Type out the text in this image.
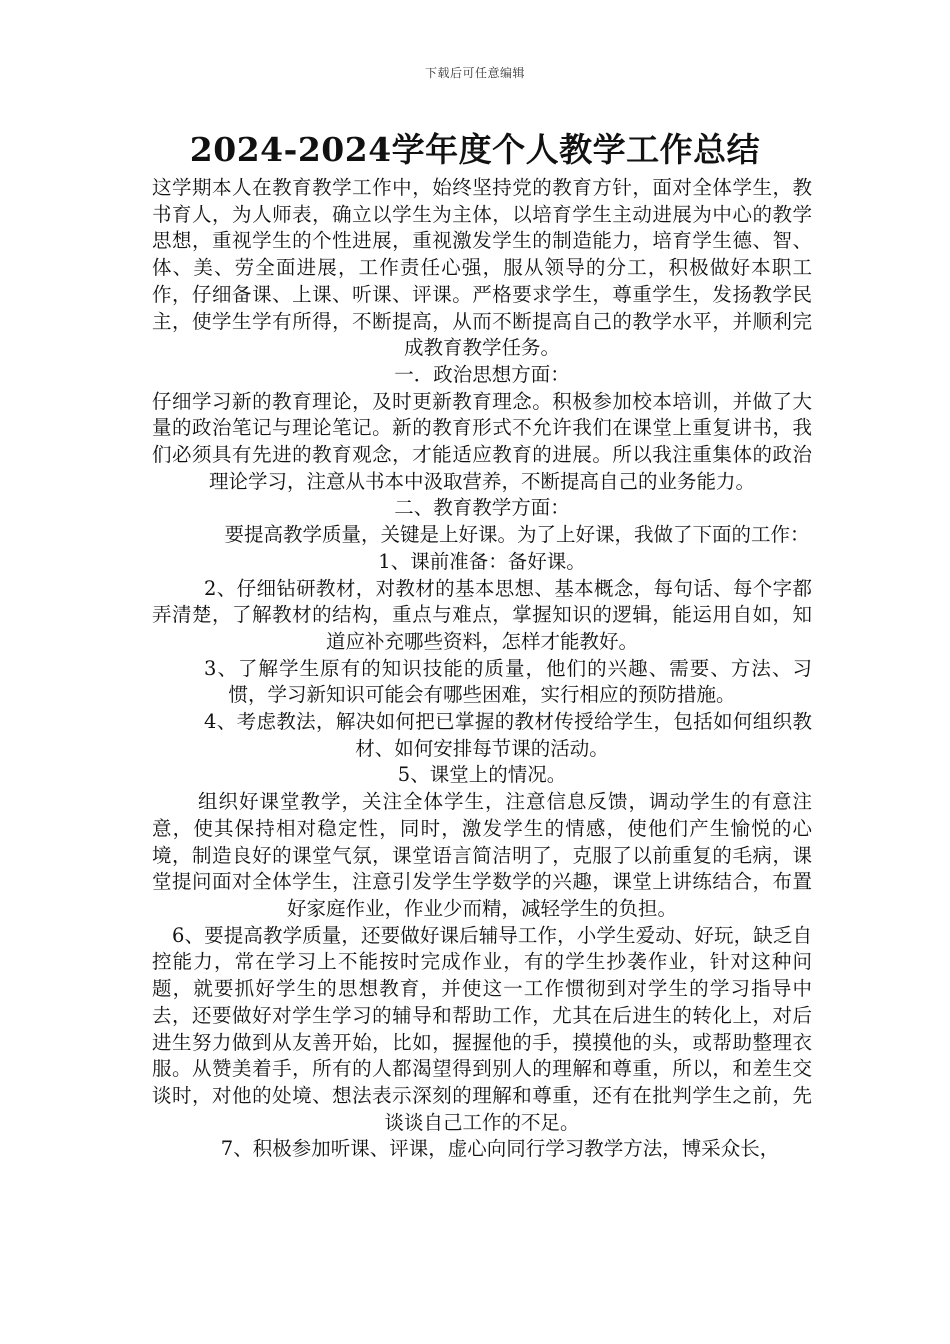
下载后可任意编辑
2024-2024学年度个人教学工作总结

这学期本人在教育教学工作中，始终坚持党的教育方针，面对全体学生，教书育人，为人师表，确立以学生为主体，以培育学生主动进展为中心的教学思想，重视学生的个性进展，重视激发学生的制造能力，培育学生德、智、体、美、劳全面进展，工作责任心强，服从领导的分工，积极做好本职工作，仔细备课、上课、听课、评课。严格要求学生，尊重学生，发扬教学民主，使学生学有所得，不断提高，从而不断提高自己的教学水平，并顺利完成教育教学任务。

一．政治思想方面：

仔细学习新的教育理论，及时更新教育理念。积极参加校本培训，并做了大量的政治笔记与理论笔记。新的教育形式不允许我们在课堂上重复讲书，我们必须具有先进的教育观念，才能适应教育的进展。所以我注重集体的政治理论学习，注意从书本中汲取营养，不断提高自己的业务能力。

二、教育教学方面：

要提高教学质量，关键是上好课。为了上好课，我做了下面的工作：

1、课前准备：备好课。

2、仔细钻研教材，对教材的基本思想、基本概念，每句话、每个字都弄清楚，了解教材的结构，重点与难点，掌握知识的逻辑，能运用自如，知道应补充哪些资料，怎样才能教好。

3、了解学生原有的知识技能的质量，他们的兴趣、需要、方法、习惯，学习新知识可能会有哪些困难，实行相应的预防措施。

4、考虑教法，解决如何把已掌握的教材传授给学生，包括如何组织教材、如何安排每节课的活动。

5、课堂上的情况。

组织好课堂教学，关注全体学生，注意信息反馈，调动学生的有意注意，使其保持相对稳定性，同时，激发学生的情感，使他们产生愉悦的心境，制造良好的课堂气氛，课堂语言简洁明了，克服了以前重复的毛病，课堂提问面对全体学生，注意引发学生学数学的兴趣，课堂上讲练结合，布置好家庭作业，作业少而精，减轻学生的负担。

6、要提高教学质量，还要做好课后辅导工作，小学生爱动、好玩，缺乏自控能力，常在学习上不能按时完成作业，有的学生抄袭作业，针对这种问题，就要抓好学生的思想教育，并使这一工作惯彻到对学生的学习指导中去，还要做好对学生学习的辅导和帮助工作，尤其在后进生的转化上，对后进生努力做到从友善开始，比如，握握他的手，摸摸他的头，或帮助整理衣服。从赞美着手，所有的人都渴望得到别人的理解和尊重，所以，和差生交谈时，对他的处境、想法表示深刻的理解和尊重，还有在批判学生之前，先谈谈自己工作的不足。

7、积极参加听课、评课，虚心向同行学习教学方法，博采众长，
